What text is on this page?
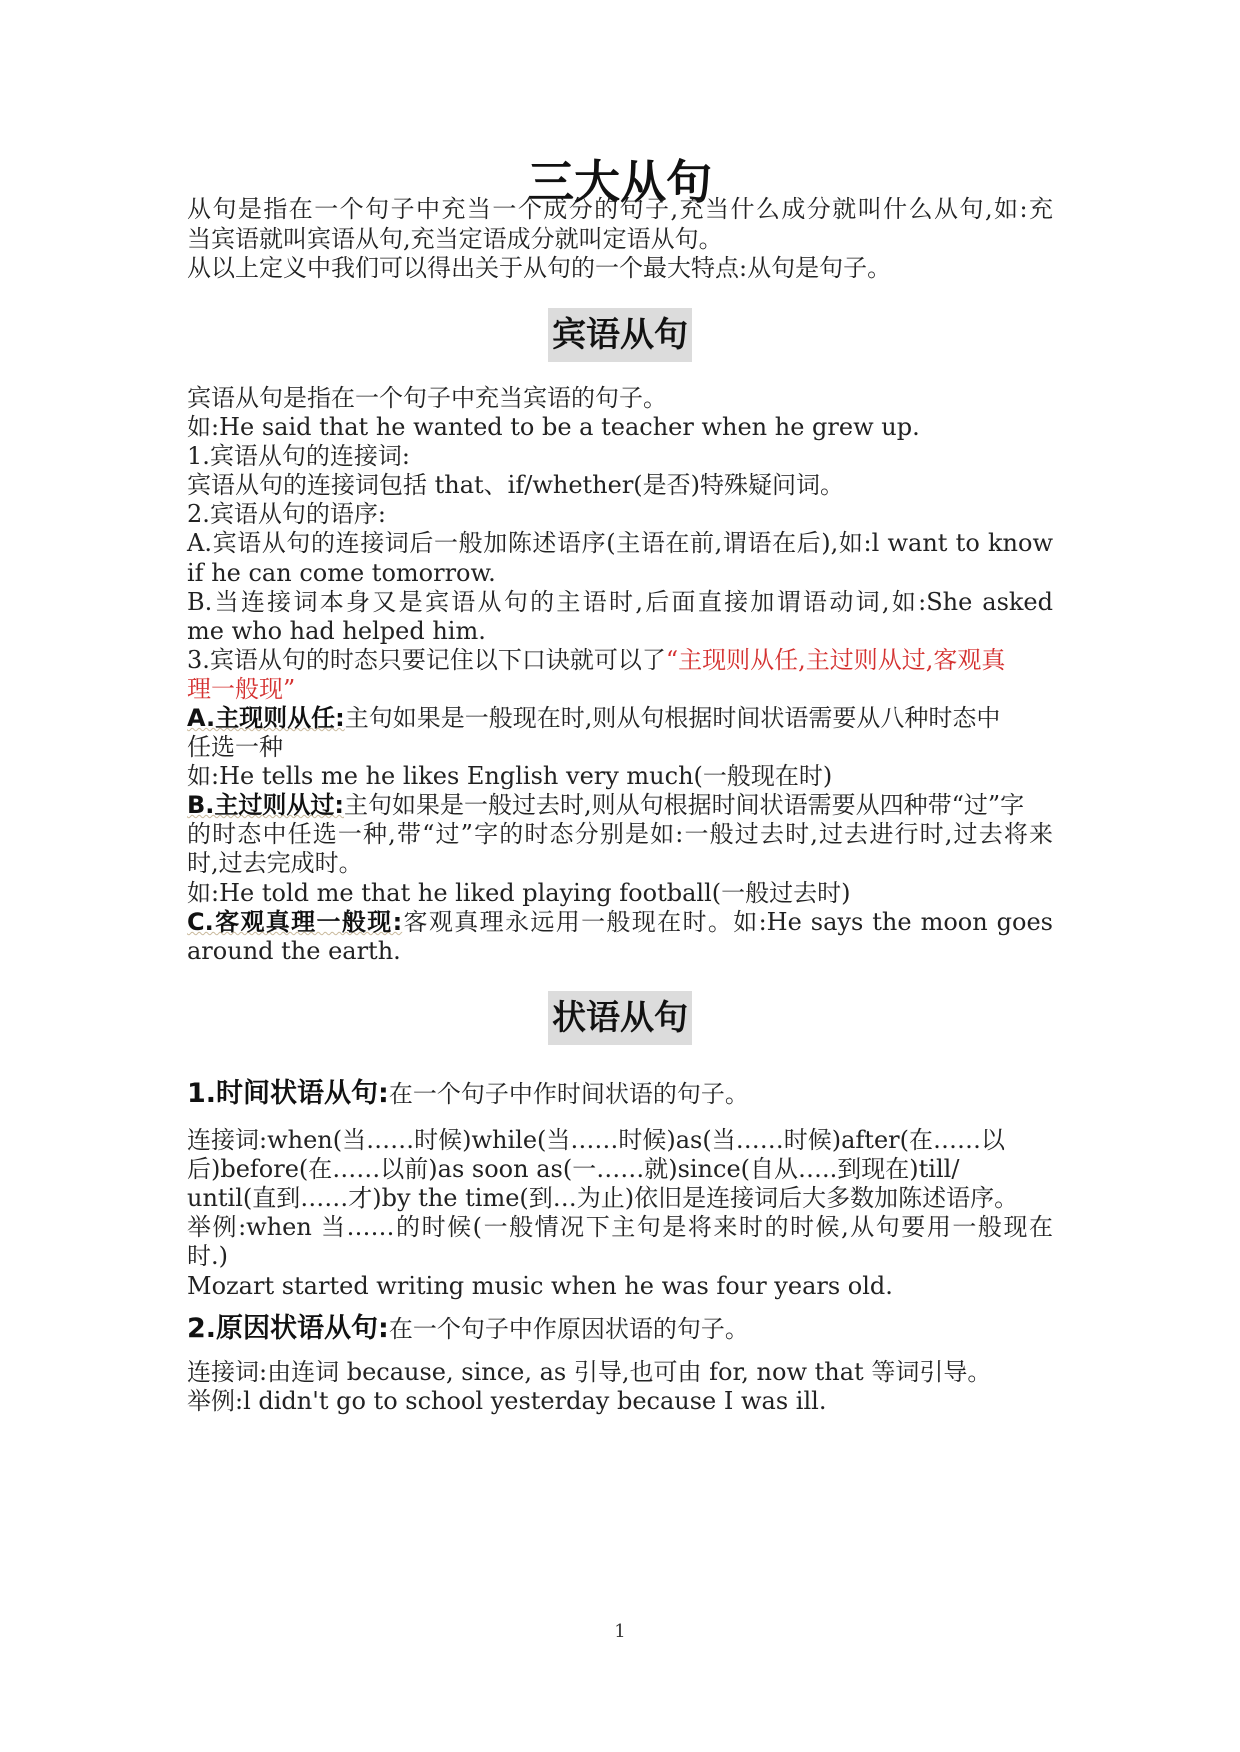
三大从句
从句是指在一个句子中充当一个成分的句子,充当什么成分就叫什么从句,如:充
当宾语就叫宾语从句,充当定语成分就叫定语从句。
从以上定义中我们可以得出关于从句的一个最大特点:从句是句子。
宾语从句
宾语从句是指在一个句子中充当宾语的句子。
如:He said that he wanted to be a teacher when he grew up.
1.宾语从句的连接词:
宾语从句的连接词包括 that、if/whether(是否)特殊疑问词。
2.宾语从句的语序:
A.宾语从句的连接词后一般加陈述语序(主语在前,谓语在后),如:l want to know
if he can come tomorrow.
B.当连接词本身又是宾语从句的主语时,后面直接加谓语动词,如:She asked
me who had helped him.
3.宾语从句的时态只要记住以下口诀就可以了“主现则从任,主过则从过,客观真
理一般现”
A.主现则从任:主句如果是一般现在时,则从句根据时间状语需要从八种时态中
任选一种
如:He tells me he likes English very much(一般现在时)
B.主过则从过:主句如果是一般过去时,则从句根据时间状语需要从四种带“过”字
的时态中任选一种,带“过”字的时态分别是如:一般过去时,过去进行时,过去将来
时,过去完成时。
如:He told me that he liked playing football(一般过去时)
C.客观真理一般现:客观真理永远用一般现在时。如:He says the moon goes
around the earth.
状语从句
1.时间状语从句:在一个句子中作时间状语的句子。
连接词:when(当……时候)while(当……时候)as(当……时候)after(在……以
后)before(在……以前)as soon as(一……就)since(自从…..到现在)till/
until(直到……才)by the time(到…为止)依旧是连接词后大多数加陈述语序。
举例:when 当……的时候(一般情况下主句是将来时的时候,从句要用一般现在
时.)
Mozart started writing music when he was four years old.
2.原因状语从句:在一个句子中作原因状语的句子。
连接词:由连词 because, since, as 引导,也可由 for, now that 等词引导。
举例:l didn't go to school yesterday because I was ill.
1
